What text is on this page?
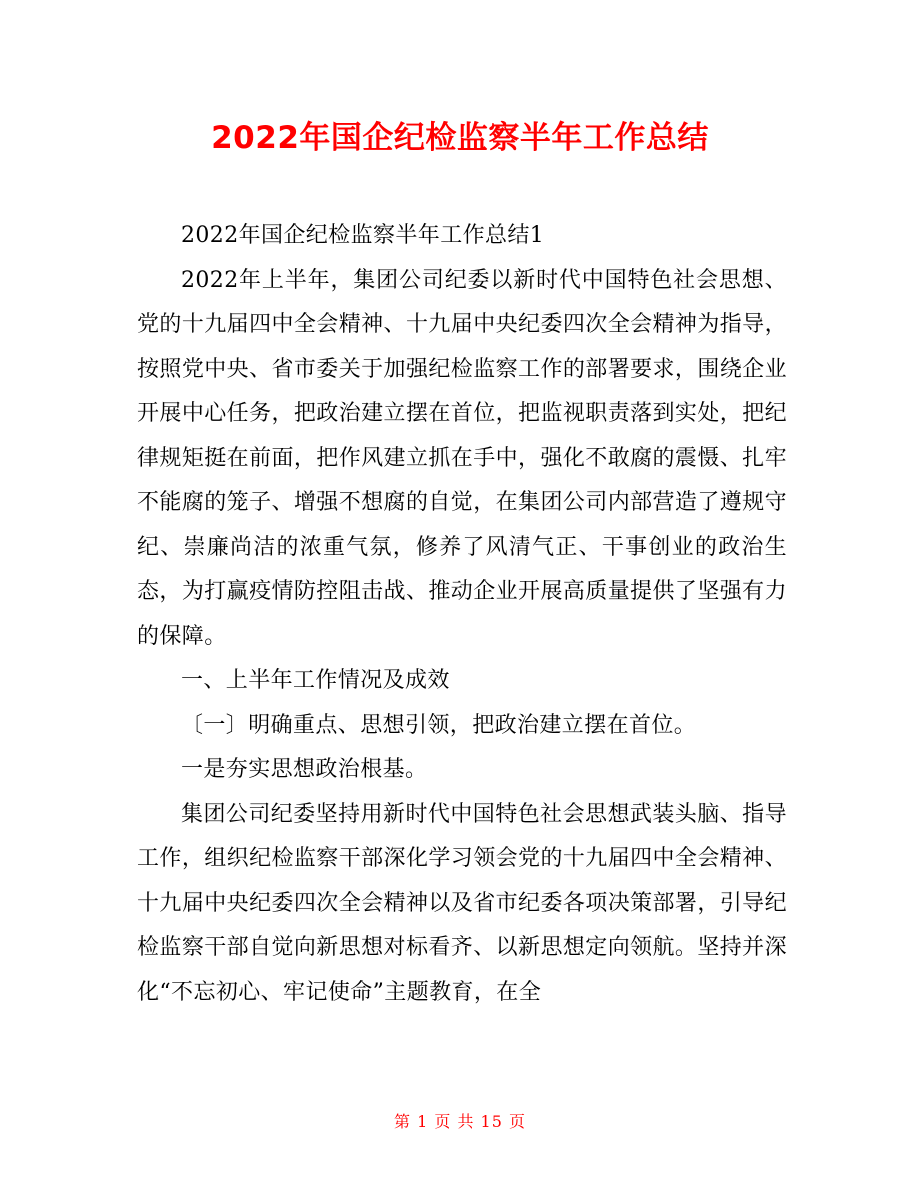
2022年国企纪检监察半年工作总结

2022年国企纪检监察半年工作总结1

2022年上半年，集团公司纪委以新时代中国特色社会思想、党的十九届四中全会精神、十九届中央纪委四次全会精神为指导，按照党中央、省市委关于加强纪检监察工作的部署要求，围绕企业开展中心任务，把政治建立摆在首位，把监视职责落到实处，把纪律规矩挺在前面，把作风建立抓在手中，强化不敢腐的震慑、扎牢不能腐的笼子、增强不想腐的自觉，在集团公司内部营造了遵规守纪、崇廉尚洁的浓重气氛，修养了风清气正、干事创业的政治生态，为打赢疫情防控阻击战、推动企业开展高质量提供了坚强有力的保障。

一、上半年工作情况及成效

〔一〕明确重点、思想引领，把政治建立摆在首位。

一是夯实思想政治根基。

集团公司纪委坚持用新时代中国特色社会思想武装头脑、指导工作，组织纪检监察干部深化学习领会党的十九届四中全会精神、十九届中央纪委四次全会精神以及省市纪委各项决策部署，引导纪检监察干部自觉向新思想对标看齐、以新思想定向领航。坚持并深化“不忘初心、牢记使命”主题教育，在全

第 1 页 共 15 页
